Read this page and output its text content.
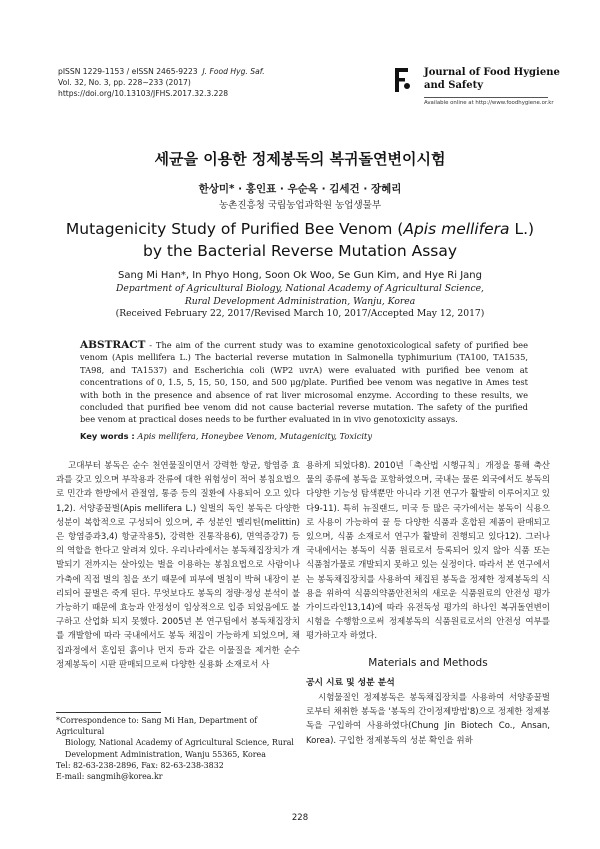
pISSN 1229-1153 / eISSN 2465-9223 J. Food Hyg. Saf.
Vol. 32, No. 3, pp. 228~233 (2017)
https://doi.org/10.13103/JFHS.2017.32.3.228
Journal of Food Hygiene
and Safety
Available online at http://www.foodhygiene.or.kr
세균을 이용한 정제봉독의 복귀돌연변이시험
한상미* · 홍인표 · 우순옥 · 김세건 · 장혜리
농촌진흥청 국립농업과학원 농업생물부
Mutagenicity Study of Purified Bee Venom (Apis mellifera L.)
by the Bacterial Reverse Mutation Assay
Sang Mi Han*, In Phyo Hong, Soon Ok Woo, Se Gun Kim, and Hye Ri Jang
Department of Agricultural Biology, National Academy of Agricultural Science,
Rural Development Administration, Wanju, Korea
(Received February 22, 2017/Revised March 10, 2017/Accepted May 12, 2017)
ABSTRACT - The aim of the current study was to examine genotoxicological safety of purified bee venom (Apis mellifera L.) The bacterial reverse mutation in Salmonella typhimurium (TA100, TA1535, TA98, and TA1537) and Escherichia coli (WP2 uvrA) were evaluated with purified bee venom at concentrations of 0, 1.5, 5, 15, 50, 150, and 500 μg/plate. Purified bee venom was negative in Ames test with both in the presence and absence of rat liver microsomal enzyme. According to these results, we concluded that purified bee venom did not cause bacterial reverse mutation. The safety of the purified bee venom at practical doses needs to be further evaluated in in vivo genotoxicity assays.
Key words : Apis mellifera, Honeybee Venom, Mutagenicity, Toxicity

고대부터 봉독은 순수 천연물질이면서 강력한 항균, 항염증 효과를 갖고 있으며 부작용과 잔류에 대한 위험성이 적어 봉침요법으로 민간과 한방에서 관절염, 통증 등의 질환에 사용되어 오고 있다1,2). 서양종꿀벌(Apis mellifera L.) 일벌의 독인 봉독은 다양한 성분이 복합적으로 구성되어 있으며, 주 성분인 멜리틴(melittin)은 항염증과3,4) 항균작용5), 강력한 진통작용6), 면역증강7) 등의 역할을 한다고 알려져 있다. 우리나라에서는 봉독채집장치가 개발되기 전까지는 살아있는 벌을 이용하는 봉침요법으로 사람이나 가축에 직접 벌의 침을 쏘기 때문에 피부에 벌침이 박혀 내장이 분리되어 꿀벌은 죽게 된다. 무엇보다도 봉독의 정량·정성 분석이 불가능하기 때문에 효능과 안정성이 임상적으로 입증 되었음에도 불구하고 산업화 되지 못했다. 2005년 본 연구팀에서 봉독채집장치를 개발함에 따라 국내에서도 봉독 채집이 가능하게 되었으며, 채집과정에서 혼입된 흙이나 먼지 등과 같은 이물질을 제거한 순수 정제봉독이 시판 판매되므로써 다양한 실용화 소재로서 사

용하게 되었다8). 2010년「축산법 시행규칙」개정을 통해 축산물의 종류에 봉독을 포함하였으며, 국내는 물론 외국에서도 봉독의 다양한 기능성 탐색뿐만 아니라 기전 연구가 활발히 이루어지고 있다9-11). 특히 뉴질랜드, 미국 등 많은 국가에서는 봉독이 식용으로 사용이 가능하여 꿀 등 다양한 식품과 혼합된 제품이 판매되고 있으며, 식품 소재로서 연구가 활발히 진행되고 있다12). 그러나 국내에서는 봉독이 식품 원료로서 등록되어 있지 않아 식품 또는 식품첨가물로 개발되지 못하고 있는 실정이다. 따라서 본 연구에서는 봉독채집장치를 사용하여 채집된 봉독을 정제한 정제봉독의 식용을 위하여 식품의약품안전처의 새로운 식품원료의 안전성 평가 가이드라인13,14)에 따라 유전독성 평가의 하나인 복귀돌연변이시험을 수행함으로써 정제봉독의 식품원료로서의 안전성 여부를 평가하고자 하였다.

Materials and Methods
공시 시료 및 성분 분석

시험물질인 정제봉독은 봉독채집장치를 사용하여 서양종꿀벌로부터 채취한 봉독을 '봉독의 간이정제방법'8)으로 정제한 정제봉독을 구입하여 사용하였다(Chung Jin Biotech Co., Ansan, Korea). 구입한 정제봉독의 성분 확인을 위하

*Correspondence to: Sang Mi Han, Department of Agricultural
Biology, National Academy of Agricultural Science, Rural
Development Administration, Wanju 55365, Korea
Tel: 82-63-238-2896, Fax: 82-63-238-3832
E-mail: sangmih@korea.kr
228
